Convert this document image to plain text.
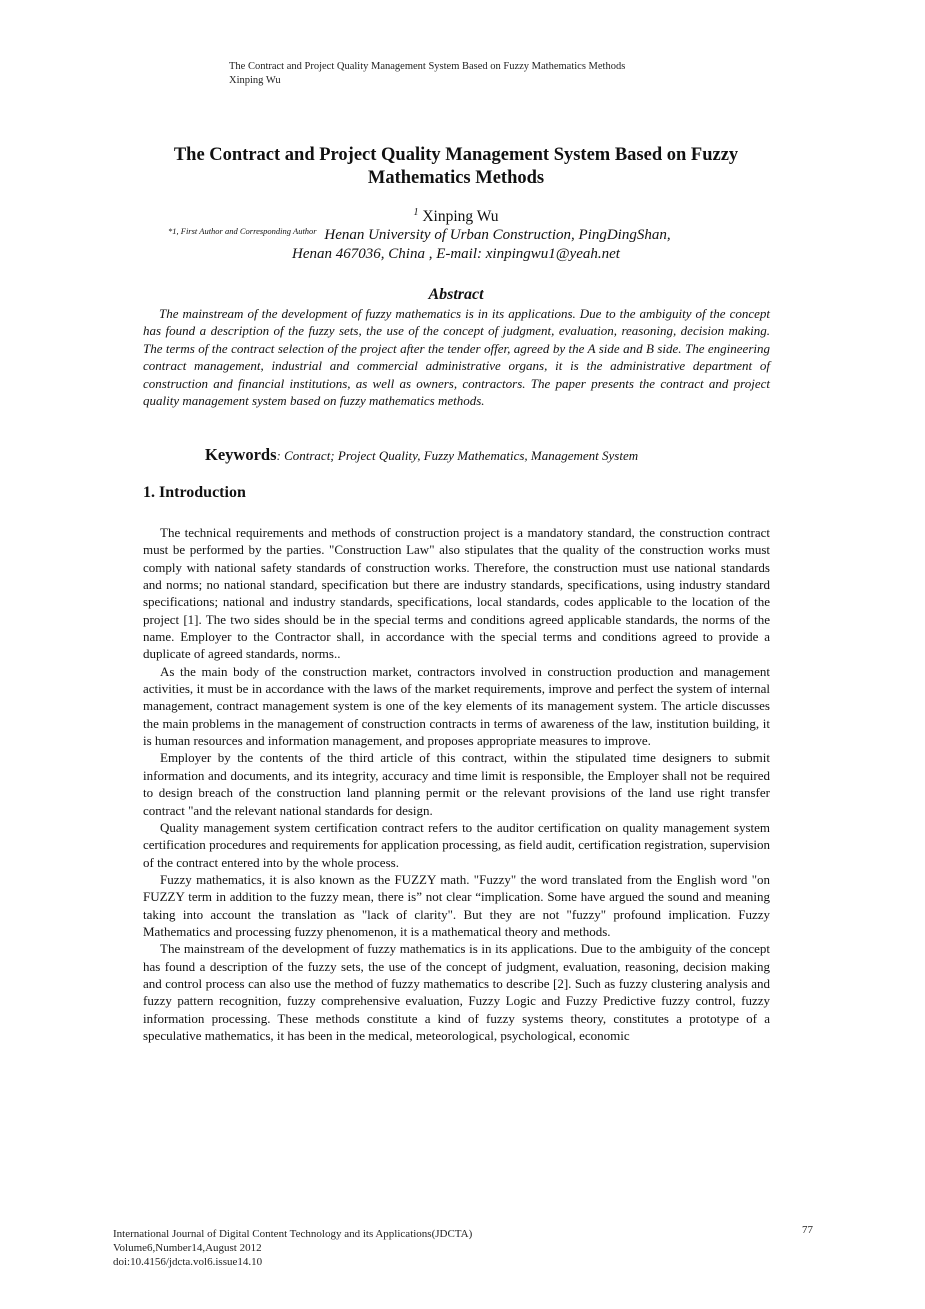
The Contract and Project Quality Management System Based on Fuzzy Mathematics Methods
Xinping Wu
The Contract and Project Quality Management System Based on Fuzzy
Mathematics Methods
$^1$ Xinping Wu
$^{*1, First Author and Corresponding Author}$ Henan University of Urban Construction, PingDingShan,
Henan 467036, China , E-mail: xinpingwu1@yeah.net
Abstract
The mainstream of the development of fuzzy mathematics is in its applications. Due to the ambiguity of the concept has found a description of the fuzzy sets, the use of the concept of judgment, evaluation, reasoning, decision making. The terms of the contract selection of the project after the tender offer, agreed by the A side and B side. The engineering contract management, industrial and commercial administrative organs, it is the administrative department of construction and financial institutions, as well as owners, contractors. The paper presents the contract and project quality management system based on fuzzy mathematics methods.
Keywords: Contract; Project Quality, Fuzzy Mathematics, Management System
1. Introduction

The technical requirements and methods of construction project is a mandatory standard, the construction contract must be performed by the parties. "Construction Law" also stipulates that the quality of the construction works must comply with national safety standards of construction works. Therefore, the construction must use national standards and norms; no national standard, specification but there are industry standards, specifications, using industry standard specifications; national and industry standards, specifications, local standards, codes applicable to the location of the project [1]. The two sides should be in the special terms and conditions agreed applicable standards, the norms of the name. Employer to the Contractor shall, in accordance with the special terms and conditions agreed to provide a duplicate of agreed standards, norms..

As the main body of the construction market, contractors involved in construction production and management activities, it must be in accordance with the laws of the market requirements, improve and perfect the system of internal management, contract management system is one of the key elements of its management system. The article discusses the main problems in the management of construction contracts in terms of awareness of the law, institution building, it is human resources and information management, and proposes appropriate measures to improve.

Employer by the contents of the third article of this contract, within the stipulated time designers to submit information and documents, and its integrity, accuracy and time limit is responsible, the Employer shall not be required to design breach of the construction land planning permit or the relevant provisions of the land use right transfer contract "and the relevant national standards for design.

Quality management system certification contract refers to the auditor certification on quality management system certification procedures and requirements for application processing, as field audit, certification registration, supervision of the contract entered into by the whole process.

Fuzzy mathematics, it is also known as the FUZZY math. "Fuzzy" the word translated from the English word "on FUZZY term in addition to the fuzzy mean, there is” not clear “implication. Some have argued the sound and meaning taking into account the translation as "lack of clarity". But they are not "fuzzy" profound implication. Fuzzy Mathematics and processing fuzzy phenomenon, it is a mathematical theory and methods.

The mainstream of the development of fuzzy mathematics is in its applications. Due to the ambiguity of the concept has found a description of the fuzzy sets, the use of the concept of judgment, evaluation, reasoning, decision making and control process can also use the method of fuzzy mathematics to describe [2]. Such as fuzzy clustering analysis and fuzzy pattern recognition, fuzzy comprehensive evaluation, Fuzzy Logic and Fuzzy Predictive fuzzy control, fuzzy information processing. These methods constitute a kind of fuzzy systems theory, constitutes a prototype of a speculative mathematics, it has been in the medical, meteorological, psychological, economic

International Journal of Digital Content Technology and its Applications(JDCTA)
Volume6,Number14,August 2012
doi:10.4156/jdcta.vol6.issue14.10
77
